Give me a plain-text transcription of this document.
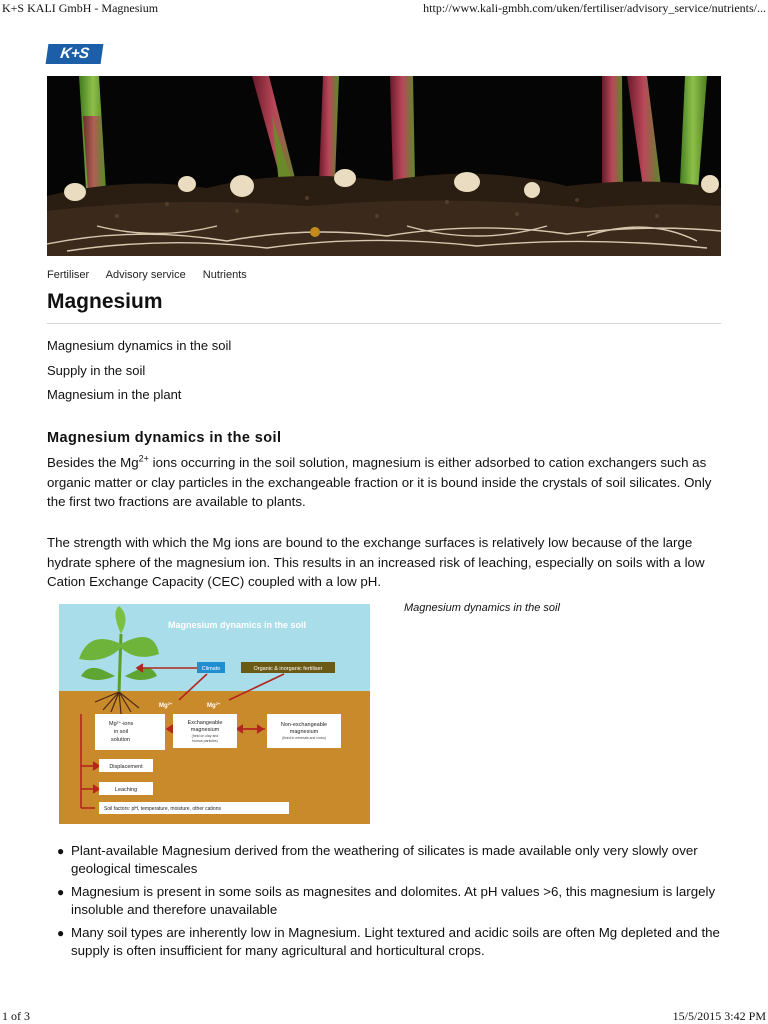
K+S KALI GmbH - Magnesium	http://www.kali-gmbh.com/uken/fertiliser/advisory_service/nutrients/...
K+S
Fertiliser Advisory service Nutrients
Magnesium
Magnesium dynamics in the soil
Supply in the soil
Magnesium in the plant
Magnesium dynamics in the soil

Besides the $Mg^{2+}$ ions occurring in the soil solution, magnesium is either adsorbed to cation exchangers such as organic matter or clay particles in the exchangeable fraction or it is bound inside the crystals of soil silicates. Only the first two fractions are available to plants.

The strength with which the Mg ions are bound to the exchange surfaces is relatively low because of the large hydrate sphere of the magnesium ion. This results in an increased risk of leaching, especially on soils with a low Cation Exchange Capacity (CEC) coupled with a low pH.

Magnesium dynamics in the soil
Climate	Organic & inorganic fertiliser
$Mg^{2+}$	$Mg^{2+}$
Mg²⁺-ions
in soil
solution
Exchangeable
magnesium
(held on clay and
humus particles)
Non-exchangeable
magnesium
(fixed in minerals and rocks)
Displacement
Leaching
Soil factors: pH, temperature, moisture, other cations
Magnesium dynamics in the soil
● Plant-available Magnesium derived from the weathering of silicates is made available only very slowly over geological timescales
● Magnesium is present in some soils as magnesites and dolomites. At pH values >6, this magnesium is largely insoluble and therefore unavailable
● Many soil types are inherently low in Magnesium. Light textured and acidic soils are often Mg depleted and the supply is often insufficient for many agricultural and horticultural crops.
1 of 3	15/5/2015 3:42 PM
